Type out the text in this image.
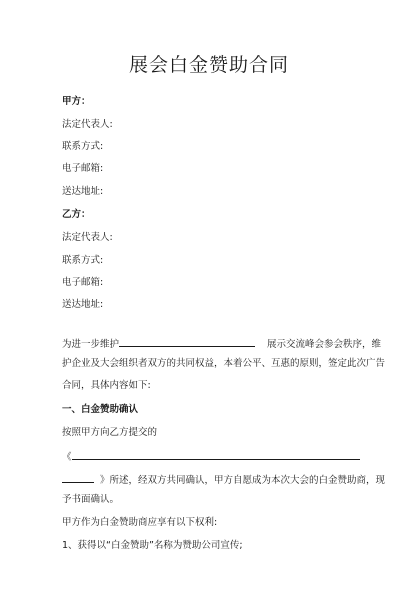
展会白金赞助合同
甲方：
法定代表人:
联系方式:
电子邮箱:
送达地址:
乙方：
法定代表人:
联系方式:
电子邮箱:
送达地址:
为进一步维护	展示交流峰会参会秩序，维
护企业及大会组织者双方的共同权益，本着公平、互惠的原则，签定此次广告
合同，具体内容如下:
一、白金赞助确认
按照甲方向乙方提交的
《
》所述，经双方共同确认，甲方自愿成为本次大会的白金赞助商，现
予书面确认。
甲方作为白金赞助商应享有以下权利:
1、获得以“白金赞助”名称为赞助公司宣传;
